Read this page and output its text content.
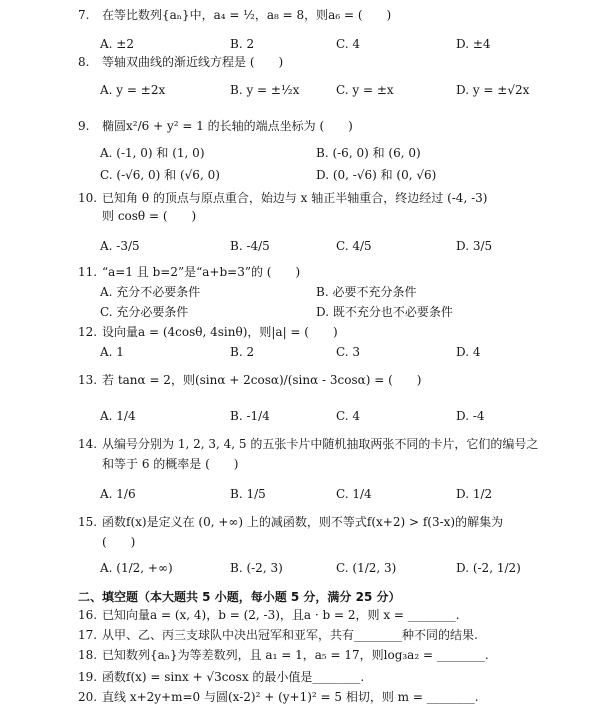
7. 在等比数列{aₙ}中，a₄ = ½，a₈ = 8，则a₆ = (　　)
A. ±2	B. 2	C. 4	D. ±4
8. 等轴双曲线的渐近线方程是 (　　)
A. y = ±2x	B. y = ±½x	C. y = ±x	D. y = ±√2x
9. 椭圆x²/6 + y² = 1 的长轴的端点坐标为 (　　)
A. (-1, 0) 和 (1, 0)	B. (-6, 0) 和 (6, 0)
C. (-√6, 0) 和 (√6, 0)	D. (0, -√6) 和 (0, √6)
10. 已知角 θ 的顶点与原点重合，始边与 x 轴正半轴重合，终边经过 (-4, -3)
则 cosθ = (　　)
A. -3/5	B. -4/5	C. 4/5	D. 3/5
11. “a=1 且 b=2”是“a+b=3”的 (　　)
A. 充分不必要条件	B. 必要不充分条件
C. 充分必要条件	D. 既不充分也不必要条件
12. 设向量a = (4cosθ, 4sinθ)，则|a| = (　　)
A. 1	B. 2	C. 3	D. 4
13. 若 tanα = 2，则(sinα + 2cosα)/(sinα - 3cosα) = (　　)
A. 1/4	B. -1/4	C. 4	D. -4
14. 从编号分别为 1, 2, 3, 4, 5 的五张卡片中随机抽取两张不同的卡片，它们的编号之
和等于 6 的概率是 (　　)
A. 1/6	B. 1/5	C. 1/4	D. 1/2
15. 函数f(x)是定义在 (0, +∞) 上的减函数，则不等式f(x+2) > f(3-x)的解集为
(　　)
A. (1/2, +∞)	B. (-2, 3)	C. (1/2, 3)	D. (-2, 1/2)
二、填空题（本大题共 5 小题，每小题 5 分，满分 25 分）
16. 已知向量a = (x, 4)，b = (2, -3)，且a · b = 2，则 x = ________.
17. 从甲、乙、丙三支球队中决出冠军和亚军，共有________种不同的结果.
18. 已知数列{aₙ}为等差数列，且 a₁ = 1，a₅ = 17，则log₃a₂ = ________.
19. 函数f(x) = sinx + √3cosx 的最小值是________.
20. 直线 x+2y+m=0 与圆(x-2)² + (y+1)² = 5 相切，则 m = ________.
